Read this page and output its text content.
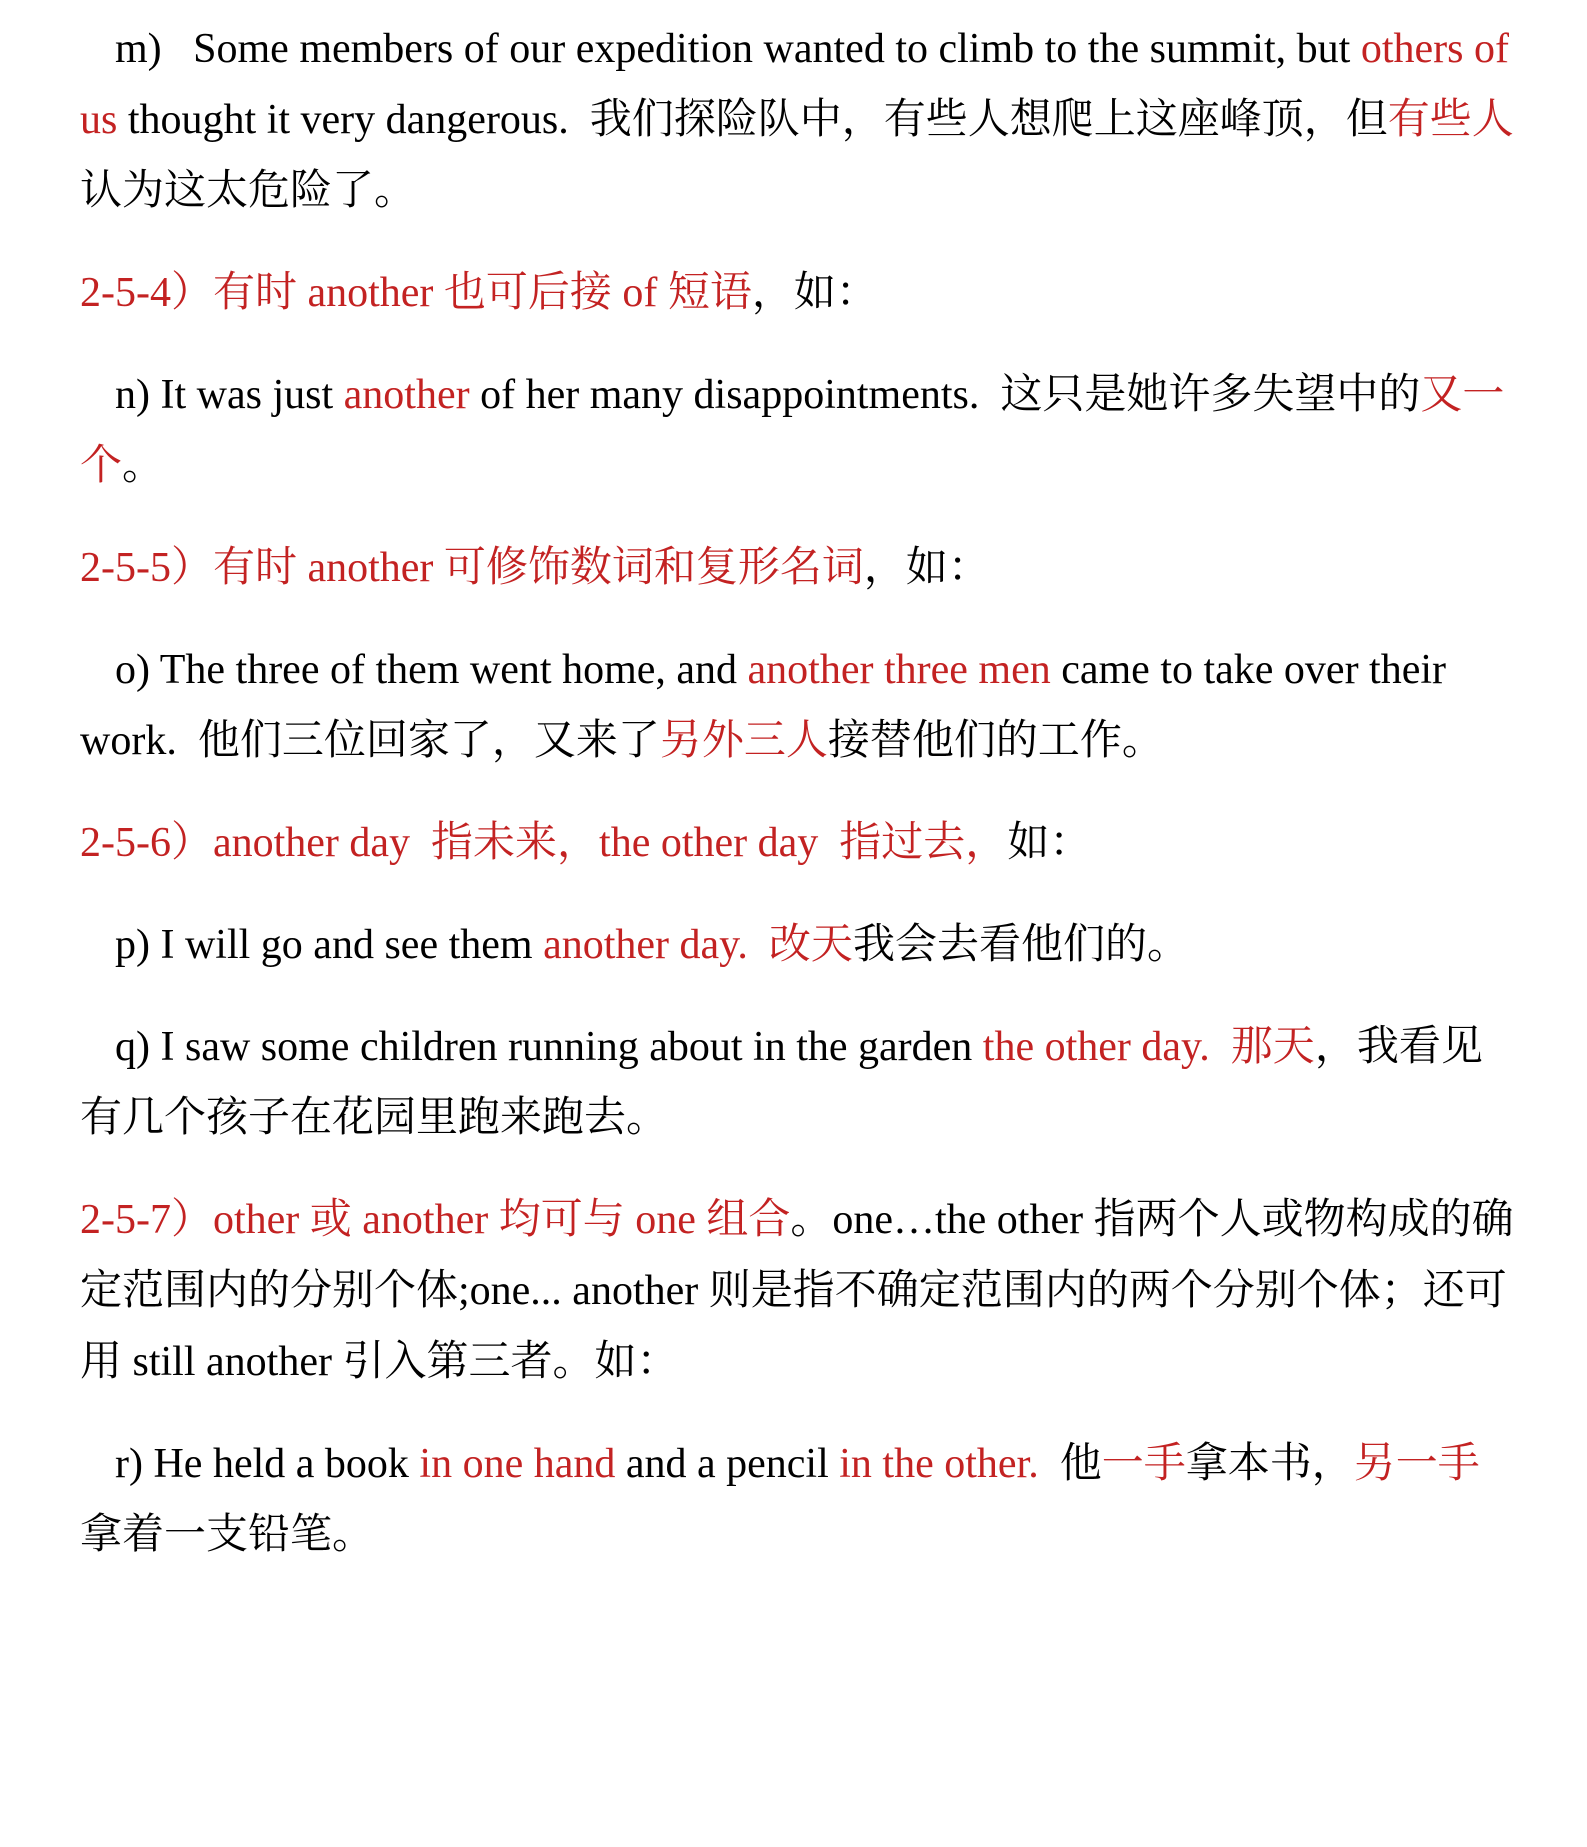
m)   Some members of our expedition wanted to climb to the summit, but others of us thought it very dangerous.  我们探险队中，有些人想爬上这座峰顶，但有些人认为这太危险了。

2-5-4）有时 another 也可后接 of 短语，如：

n) It was just another of her many disappointments.  这只是她许多失望中的又一个。

2-5-5）有时 another 可修饰数词和复形名词，如：

o) The three of them went home, and another three men came to take over their work.  他们三位回家了，又来了另外三人接替他们的工作。

2-5-6）another day  指未来，the other day  指过去，如：

p) I will go and see them another day. 改天我会去看他们的。

q) I saw some children running about in the garden the other day.  那天，我看见有几个孩子在花园里跑来跑去。

2-5-7）other 或 another 均可与 one 组合。one…the other 指两个人或物构成的确定范围内的分别个体;one... another 则是指不确定范围内的两个分别个体；还可用 still another 引入第三者。如：

r) He held a book in one hand and a pencil in the other.  他一手拿本书，另一手拿着一支铅笔。
